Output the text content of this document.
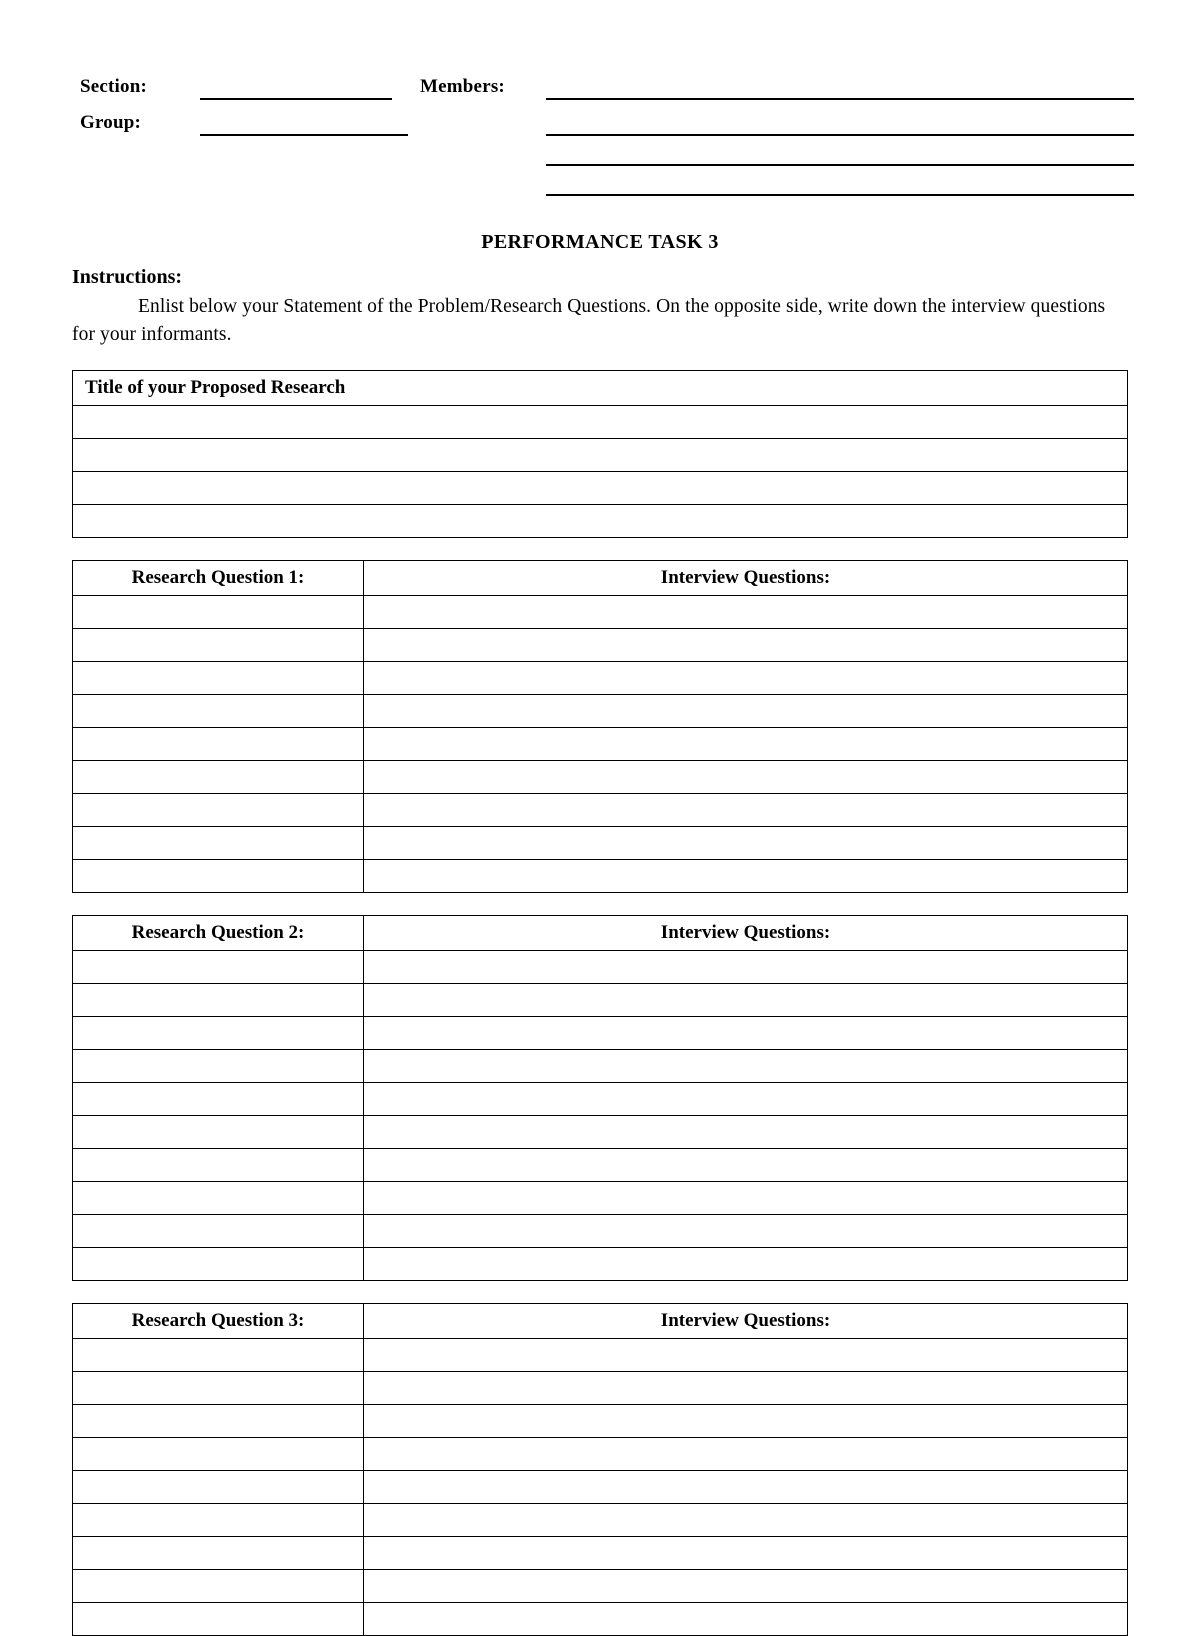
Section:
Group:
Members:
PERFORMANCE TASK 3
Instructions:
Enlist below your Statement of the Problem/Research Questions. On the opposite side, write down the interview questions for your informants.
Title of your Proposed Research

Research Question 1:	Interview Questions:

Research Question 2:	Interview Questions:

Research Question 3:	Interview Questions:
